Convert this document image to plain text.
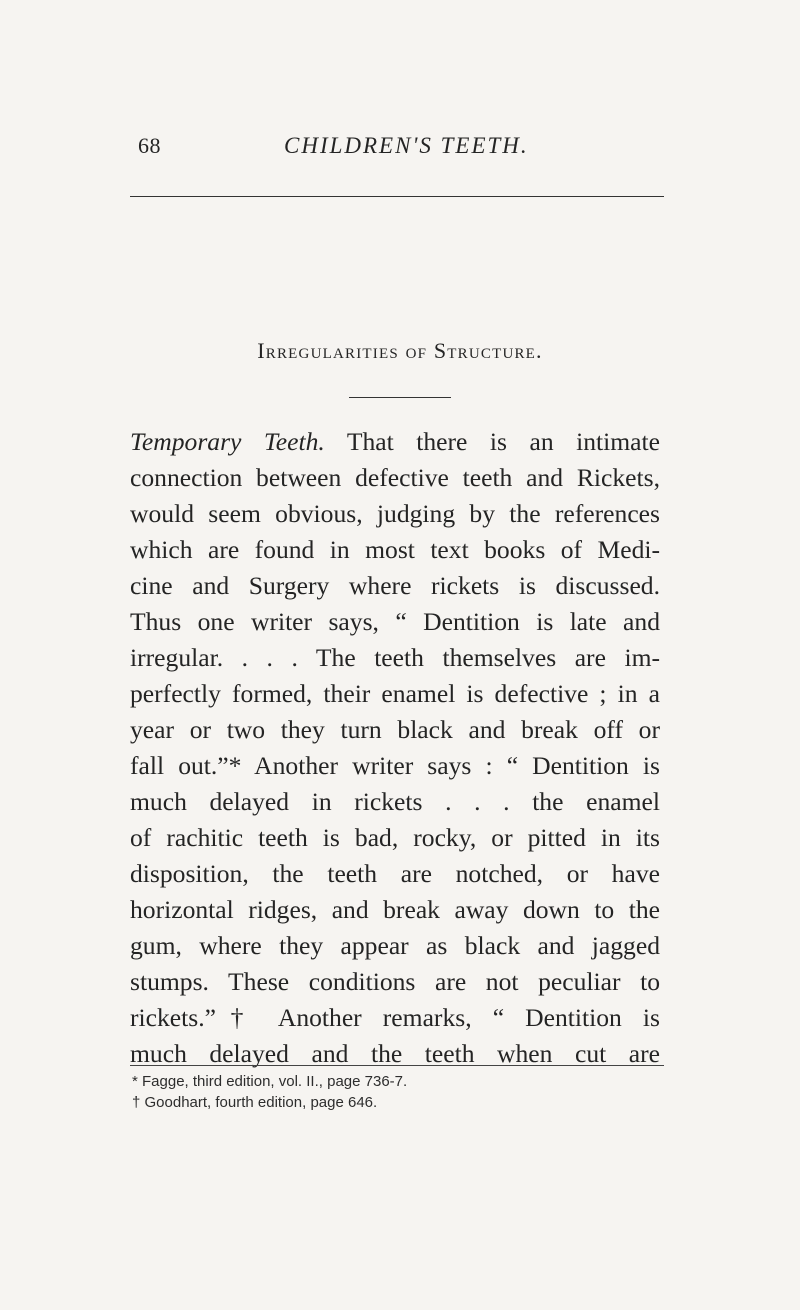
68	CHILDREN'S TEETH.
Irregularities of Structure.
Temporary Teeth. That there is an intimate
connection between defective teeth and Rickets,
would seem obvious, judging by the references
which are found in most text books of Medi-
cine and Surgery where rickets is discussed.
Thus one writer says, “ Dentition is late and
irregular. . . . The teeth themselves are im-
perfectly formed, their enamel is defective ; in a
year or two they turn black and break off or
fall out.”* Another writer says : “ Dentition is
much delayed in rickets . . . the enamel
of rachitic teeth is bad, rocky, or pitted in its
disposition, the teeth are notched, or have
horizontal ridges, and break away down to the
gum, where they appear as black and jagged
stumps. These conditions are not peculiar to
rickets.”† Another remarks, “ Dentition is
much delayed and the teeth when cut are
* Fagge, third edition, vol. II., page 736-7.
† Goodhart, fourth edition, page 646.
